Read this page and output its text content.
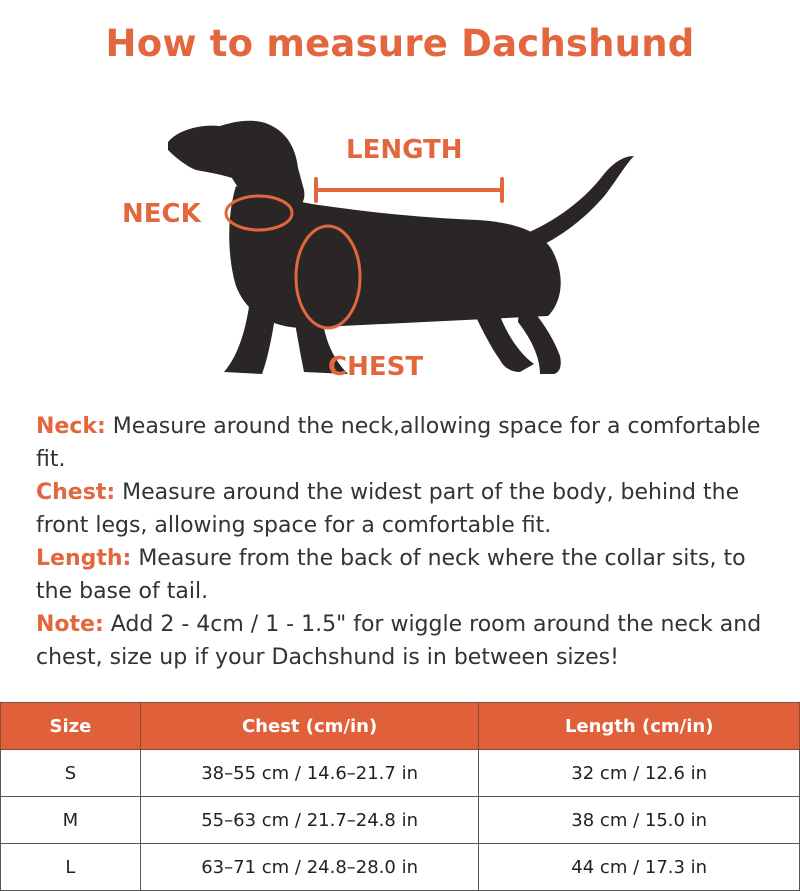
How to measure Dachshund
LENGTH
NECK
CHEST

Neck: Measure around the neck,allowing space for a comfortable fit.

Chest: Measure around the widest part of the body, behind the front legs, allowing space for a comfortable fit.

Length: Measure from the back of neck where the collar sits, to the base of tail.

Note: Add 2 - 4cm / 1 - 1.5" for wiggle room around the neck and chest, size up if your Dachshund is in between sizes!

Size	Chest (cm/in)	Length (cm/in)
S	38–55 cm / 14.6–21.7 in	32 cm / 12.6 in
M	55–63 cm / 21.7–24.8 in	38 cm / 15.0 in
L	63–71 cm / 24.8–28.0 in	44 cm / 17.3 in
